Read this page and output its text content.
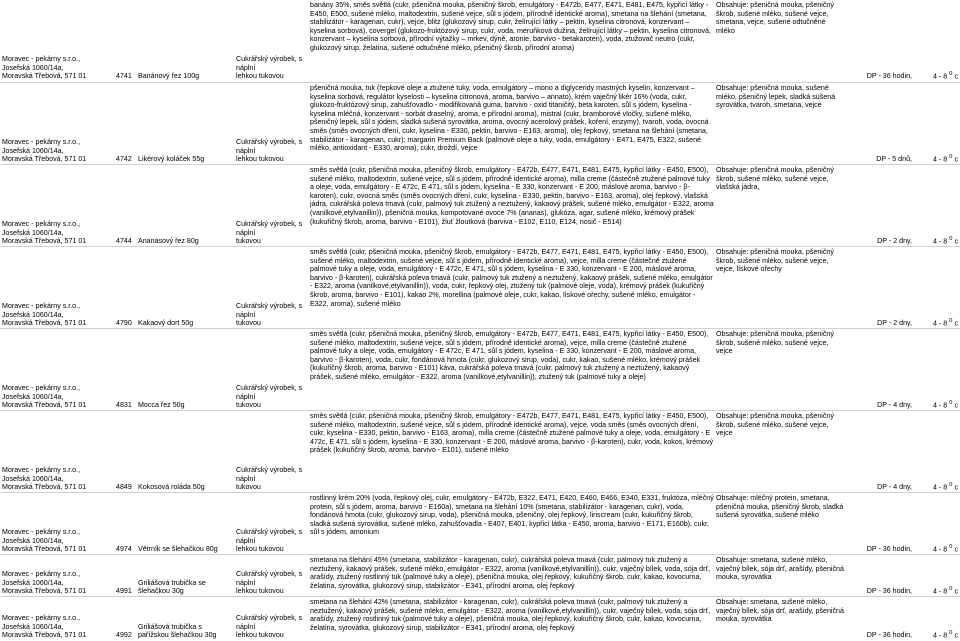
Moravec - pekárny s.r.o.,
Josefská 1060/14a,
Moravská Třebová, 571 01	4741 Banánový řez 100g
Cukrářský výrobek, s náplní
lehkou tukovou
banány 35%, směs světlá (cukr, pšeničná mouka, pšeničný škrob, emulgátory - E472b, E477, E471, E481, E475, kypřicí látky - E450, E500, sušené mléko, maltodextrin, sušené vejce, sůl s jódem, přírodně identické aroma), smetana na šlehání (smetana, stabilizátor - karagenan, cukr), vejce, blitz (glukozový sirup, cukr, želírující látky – pektin, kyselina citronová, konzervant – kyselina sorbová), covergel (glukozo-fruktózový sirup, cukr, voda, meruňková dužina, želírující látky – pektin, kyselina citronová, konzervant – kyselina sorbová, přírodní výtažky – mrkev, dýně, aronie, barvivo - betakaroten), voda, ztužovač neutro (cukr, glukozový sirup, želatina, sušené odtučněné mléko, pšeničný škrob, přírodní aroma)
Obsahuje: pšeničná mouka, pšeničný škrob, sušené mléko, sušené vejce, smetana, vejce, sušené odtučněné mléko
DP - 36 hodin,	4 - 8 $^0$ c
Moravec - pekárny s.r.o.,
Josefská 1060/14a,
Moravská Třebová, 571 01	4742 Likérový koláček 55g
Cukrářský výrobek, s náplní
lehkou tukovou
pšeničná mouka, tuk (řepkové oleje a ztužené tuky, voda, emulgátory – mono a diglyceridy mastných kyselin, konzervant – kyselina sorbová, regulátor kyselosti – kyselina citronová, aroma, barvivo – annato), krém vaječný likér 16% (voda, cukr, glukozo-fruktózový sirup, zahušťovadlo - modifikovaná guma, barvivo - oxid titaničitý, beta karoten, sůl s jódem, kyselina - kyselina mléčná, konzervant - sorbát draselný, aroma, e přírodní aroma), mistral (cukr, bramborové vločky, sušené mléko, pšeničný lepek, sůl s jódem, sladká sušená syrovátka, aroma, ovocný acerolový prášek, koření, enzymy), tvaroh, voda, ovocná směs (směs ovocných dření, cukr, kyselina - E330, pektin, barvivo - E163, aroma), olej řepkový, smetana na šlehání (smetana, stabilizátor - karagenan, cukr); margarin Premium Back (palmové oleje a tuky, voda, emulgátory - E471, E475, E322, sušené mléko, antioxidant - E330, aroma), cukr, droždí, vejce
Obsahuje: pšeničná mouka, sušené mléko, pšeničný lepek, sladká sušená syrovátka, tvaroh, smetana, vejce
DP - 5 dnů,	4 - 8 $^0$ c
Moravec - pekárny s.r.o.,
Josefská 1060/14a,
Moravská Třebová, 571 01	4744 Ananasový řez 80g
Cukrářský výrobek, s náplní
tukovou
směs světlá (cukr, pšeničná mouka, pšeničný škrob, emulgátory - E472b, E477, E471, E481, E475, kypřicí látky - E450, E500), sušené mléko, maltodextrin, sušené vejce, sůl s jódem, přírodně identické aroma), milla creme (částečně ztužené palmové tuky a oleje, voda, emulgátory - E 472c, E 471, sůl s jódem, kyselina - E 330, konzervant - E 200, máslové aroma, barvivo - β-karoten), cukr, ovocná směs (směs ovocných dření, cukr, kyselina - E330, pektin, barvivo - E163, aroma), olej řepkový, vlašská jádra, cukrářská poleva tmavá (cukr, palmový tuk ztužený a neztužený, kakaový prášek, sušené mléko, emulgátor - E322, aroma (vanilkové,etylvanillin)), pšeničná mouka, kompotované ovoce 7% (ananas), glukóza, agar, sušené mléko, krémový prášek (kukuřičný škrob, aroma, barvivo - E101), žluť žloutková (barviva - E102, E110, E124, nosič - E514)
Obsahuje: pšeničná mouka, pšeničný škrob, sušené mléko, sušené vejce, vlašská jádra,
DP - 2 dny,	4 - 8 $^0$ c
Moravec - pekárny s.r.o.,
Josefská 1060/14a,
Moravská Třebová, 571 01	4790 Kakaový dort 50g
Cukrářský výrobek, s náplní
tukovou
směs světlá (cukr, pšeničná mouka, pšeničný škrob, emulgátory - E472b, E477, E471, E481, E475, kypřicí látky - E450, E500), sušené mléko, maltodextrin, sušené vejce, sůl s jódem, přírodně identické aroma), vejce, milla creme (částečně ztužené palmové tuky a oleje, voda, emulgátory - E 472c, E 471, sůl s jódem, kyselina - E 330, konzervant - E 200, máslové aroma, barvivo - β-karoten), cukrářská poleva tmavá (cukr, palmový tuk ztužený a neztužený, kakaový prášek, sušené mléko, emulgátor - E322, aroma (vanilkové,etylvanillin)), voda, cukr, řepkový olej, ztužený tuk (palmové oleje, voda), krémový prášek (kukuřičný škrob, aroma, barvivo - E101), kakao 2%, morellina (palmové oleje, cukr, kakao, lískové ořechy, sušené mléko, emulgátor - E322, aroma), sušené mléko
Obsahuje: pšeničná mouka, pšeničný škrob, sušené mléko, sušené vejce, vejce, lískové ořechy
DP - 2 dny,	4 - 8 $^0$ c
Moravec - pekárny s.r.o.,
Josefská 1060/14a,
Moravská Třebová, 571 01	4831 Mocca řez 50g
Cukrářský výrobek, s náplní
tukovou
směs světlá (cukr, pšeničná mouka, pšeničný škrob, emulgátory - E472b, E477, E471, E481, E475, kypřicí látky - E450, E500), sušené mléko, maltodextrin, sušené vejce, sůl s jódem, přírodně identické aroma), vejce, milla creme (částečně ztužené palmové tuky a oleje, voda, emulgátory - E 472c, E 471, sůl s jódem, kyselina - E 330, konzervant - E 200, máslové aroma, barvivo - β-karoten), voda, cukr, fondánová hmota (cukr, glukozový sirup, voda), cukr, kakao, sušené mléko, krémový prášek (kukuřičný škrob, aroma, barvivo - E101) káva, cukrářská poleva tmavá (cukr, palmový tuk ztužený a neztužený, kakaový prášek, sušené mléko, emulgátor - E322, aroma (vanilkové,etylvanillin)), ztužený tuk (palmové tuky a oleje)
Obsahuje: pšeničná mouka, pšeničný škrob, sušené mléko, sušené vejce, vejce
DP - 4 dny,	4 - 8 $^0$ c
Moravec - pekárny s.r.o.,
Josefská 1060/14a,
Moravská Třebová, 571 01	4849 Kokosová roláda 50g
Cukrářský výrobek, s náplní
tukovou
směs světlá (cukr, pšeničná mouka, pšeničný škrob, emulgátory - E472b, E477, E471, E481, E475, kypřicí látky - E450, E500), sušené mléko, maltodextrin, sušené vejce, sůl s jódem, přírodně identické aroma), vejce, voda směs (směs ovocných dření, cukr, kyselina - E330, pektin, barvivo - E163, aroma), milla creme (částečně ztužené palmové tuky a oleje, voda, emulgátory - E 472c, E 471, sůl s jódem, kyselina - E 330, konzervant - E 200, máslové aroma, barvivo - β-karoten), cukr, voda, kokos, krémový prášek (kukuřičný škrob, aroma, barvivo - E101), sušené mléko
Obsahuje: pšeničná mouka, pšeničný škrob, sušené mléko, sušené vejce, vejce
DP - 4 dny,	4 - 8 $^0$ c
Moravec - pekárny s.r.o.,
Josefská 1060/14a,
Moravská Třebová, 571 01	4974 Větrník se šlehačkou 80g
Cukrářský výrobek, s náplní
lehkou tukovou
rostlinný krém 20% (voda, řepkový olej, cukr, emulgátory - E472b, E322, E471, E420, E460, E466, E340, E331, fruktóza, mléčný protein, sůl s jódem, aroma, barvivo - E160a), smetana na šlehání 10% (smetana, stabilizátor - karagenan, cukr), voda, fondánová hmota (cukr, glukozový sirup, voda), pšeničná mouka, pšeničný, olej řepkový, liriscream (cukr, kukuřičný škrob, sladká sušená syrovátka, sušené mléko, zahušťovadla - E407, E401, kypřicí látka - E450, aroma, barvivo - E171, E160b), cukr, sůl s jódem, amonium
Obsahuje: mléčný protein, smetana, pšeničná mouka, pšeničný škrob, sladká sušená syrovátka, sušené mléko
DP - 36 hodin,	4 - 8 $^0$ c
Moravec - pekárny s.r.o.,
Josefská 1060/14a,
Moravská Třebová, 571 01	4991
Griliášová trubička se
šlehačkou 30g
Cukrářský výrobek, s náplní
lehkou tukovou
smetana na šlehání 45% (smetana, stabilizátor - karagenan, cukr), cukrářská poleva tmavá (cukr, palmový tuk ztužený a neztužený, kakaový prášek, sušené mléko, emulgátor - E322, aroma (vanilkové,etylvanillin)), cukr, vaječný bílek, voda, sója drť, arašídy, ztužený rostlinný tuk (palmové tuky a oleje), pšeničná mouka, olej řepkový, kukuřičný škrob, cukr, kakao, kovocurna, želatina, syrovátka, glukozový sirup, stabilizátor - E341, přírodní aroma, olej řepkový
Obsahuje: smetana, sušené mléko, vaječný bílek, sója drť, arašídy, pšeničná mouka, syrovátka
DP - 36 hodin,	4 - 8 $^0$ c
Moravec - pekárny s.r.o.,
Josefská 1060/14a,
Moravská Třebová, 571 01	4992
Griliášová trubička s
pařížskou šlehačkou 30g
Cukrářský výrobek, s náplní
lehkou tukovou
smetana na šlehání 42% (smetana, stabilizátor - karagenan, cukr), cukrářská poleva tmavá (cukr, palmový tuk ztužený a neztužený, kakaový prášek, sušené mléko, emulgátor - E322, aroma (vanilkové,etylvanillin)), cukr, vaječný bílek, voda, sója drť, arašídy, ztužený rostlinný tuk (palmové tuky a oleje), pšeničná mouka, olej řepkový, kukuřičný škrob, cukr, kakao, kovocurna, želatina, syrovátka, glukozový sirup, stabilizátor - E341, přírodní aroma, olej řepkový
Obsahuje: smetana, sušené mléko, vaječný bílek, sója drť, arašídy, pšeničná mouka, syrovátka
DP - 36 hodin,	4 - 8 $^0$ c
